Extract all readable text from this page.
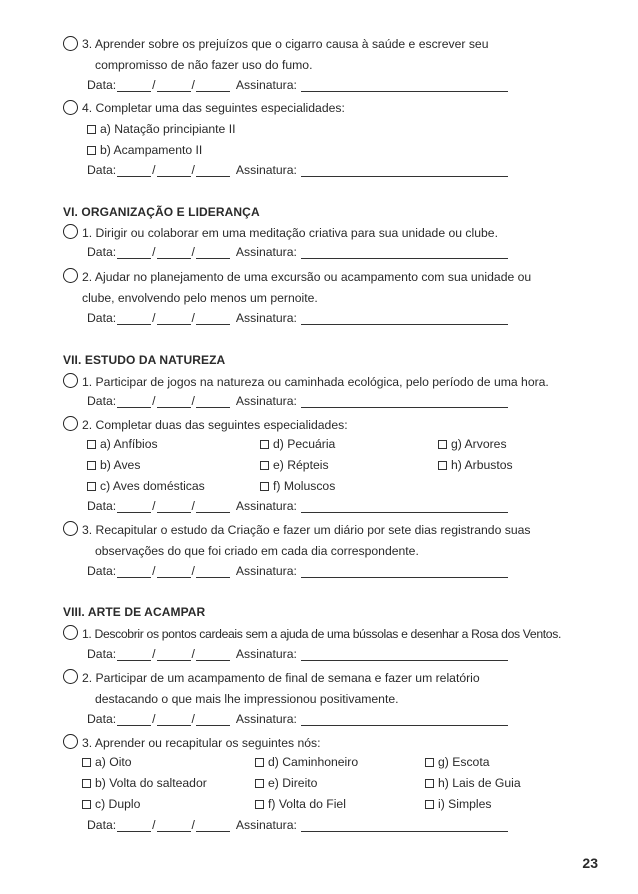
3. Aprender sobre os prejuízos que o cigarro causa à saúde e escrever seu
compromisso de não fazer uso do fumo.
Data:	/	/	Assinatura:
4. Completar uma das seguintes especialidades:
a) Natação principiante II
b) Acampamento II
Data:	/	/	Assinatura:
VI. ORGANIZAÇÃO E LIDERANÇA
1. Dirigir ou colaborar em uma meditação criativa para sua unidade ou clube.
Data:	/	/	Assinatura:
2. Ajudar no planejamento de uma excursão ou acampamento com sua unidade ou
clube, envolvendo pelo menos um pernoite.
Data:	/	/	Assinatura:
VII. ESTUDO DA NATUREZA
1. Participar de jogos na natureza ou caminhada ecológica, pelo período de uma hora.
Data:	/	/	Assinatura:
2. Completar duas das seguintes especialidades:
a) Anfíbios	d) Pecuária	g) Arvores
b) Aves	e) Répteis	h) Arbustos
c) Aves domésticas	f) Moluscos
Data:	/	/	Assinatura:
3. Recapitular o estudo da Criação e fazer um diário por sete dias registrando suas
observações do que foi criado em cada dia correspondente.
Data:	/	/	Assinatura:
VIII. ARTE DE ACAMPAR
1. Descobrir os pontos cardeais sem a ajuda de uma bússolas e desenhar a Rosa dos Ventos.
Data:	/	/	Assinatura:
2. Participar de um acampamento de final de semana e fazer um relatório
destacando o que mais lhe impressionou positivamente.
Data:	/	/	Assinatura:
3. Aprender ou recapitular os seguintes nós:
a) Oito	d) Caminhoneiro	g) Escota
b) Volta do salteador	e) Direito	h) Lais de Guia
c) Duplo	f) Volta do Fiel	i) Simples
Data:	/	/	Assinatura:
23
